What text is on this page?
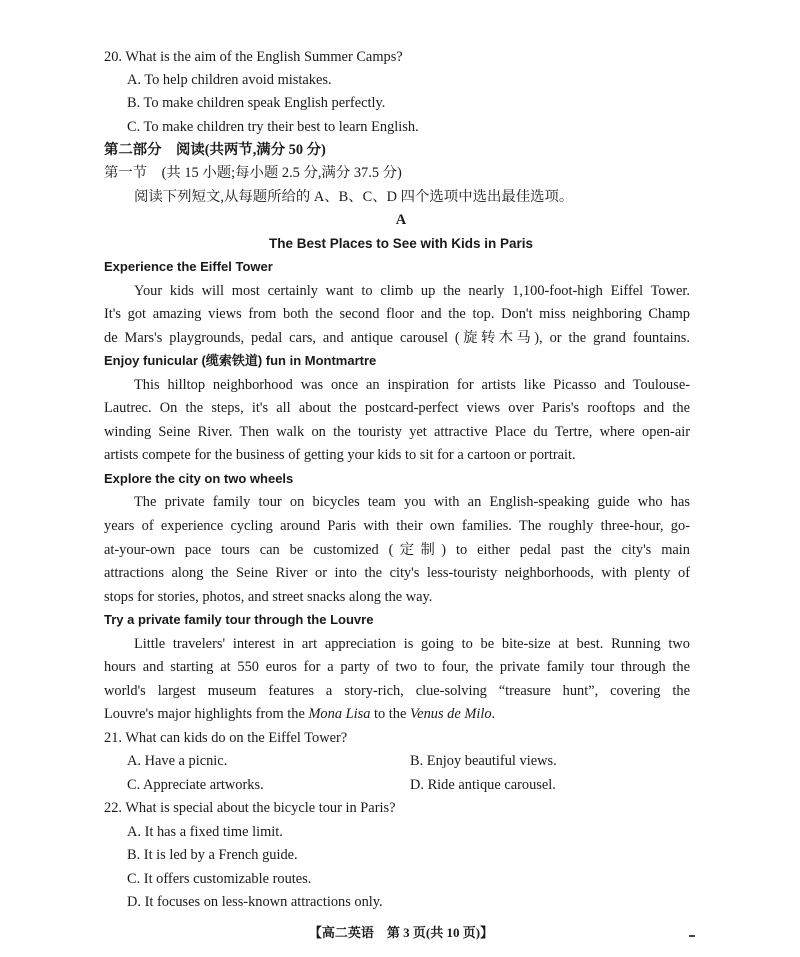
20. What is the aim of the English Summer Camps?
A. To help children avoid mistakes.
B. To make children speak English perfectly.
C. To make children try their best to learn English.
第二部分　阅读(共两节,满分 50 分)
第一节　(共 15 小题;每小题 2.5 分,满分 37.5 分)
阅读下列短文,从每题所给的 A、B、C、D 四个选项中选出最佳选项。
A
The Best Places to See with Kids in Paris
Experience the Eiffel Tower
Your kids will most certainly want to climb up the nearly 1,100-foot-high Eiffel Tower.
It's got amazing views from both the second floor and the top. Don't miss neighboring Champ
de Mars's playgrounds, pedal cars, and antique carousel (旋转木马), or the grand fountains.
Enjoy funicular (缆索铁道) fun in Montmartre
This hilltop neighborhood was once an inspiration for artists like Picasso and Toulouse-
Lautrec. On the steps, it's all about the postcard-perfect views over Paris's rooftops and the
winding Seine River. Then walk on the touristy yet attractive Place du Tertre, where open-air
artists compete for the business of getting your kids to sit for a cartoon or portrait.
Explore the city on two wheels
The private family tour on bicycles team you with an English-speaking guide who has
years of experience cycling around Paris with their own families. The roughly three-hour, go-
at-your-own pace tours can be customized (定制) to either pedal past the city's main
attractions along the Seine River or into the city's less-touristy neighborhoods, with plenty of
stops for stories, photos, and street snacks along the way.
Try a private family tour through the Louvre
Little travelers' interest in art appreciation is going to be bite-size at best. Running two
hours and starting at 550 euros for a party of two to four, the private family tour through the
world's largest museum features a story-rich, clue-solving “treasure hunt”, covering the
Louvre's major highlights from the Mona Lisa to the Venus de Milo.
21. What can kids do on the Eiffel Tower?
A. Have a picnic.	B. Enjoy beautiful views.
C. Appreciate artworks.	D. Ride antique carousel.
22. What is special about the bicycle tour in Paris?
A. It has a fixed time limit.
B. It is led by a French guide.
C. It offers customizable routes.
D. It focuses on less-known attractions only.
【高二英语　第 3 页(共 10 页)】
